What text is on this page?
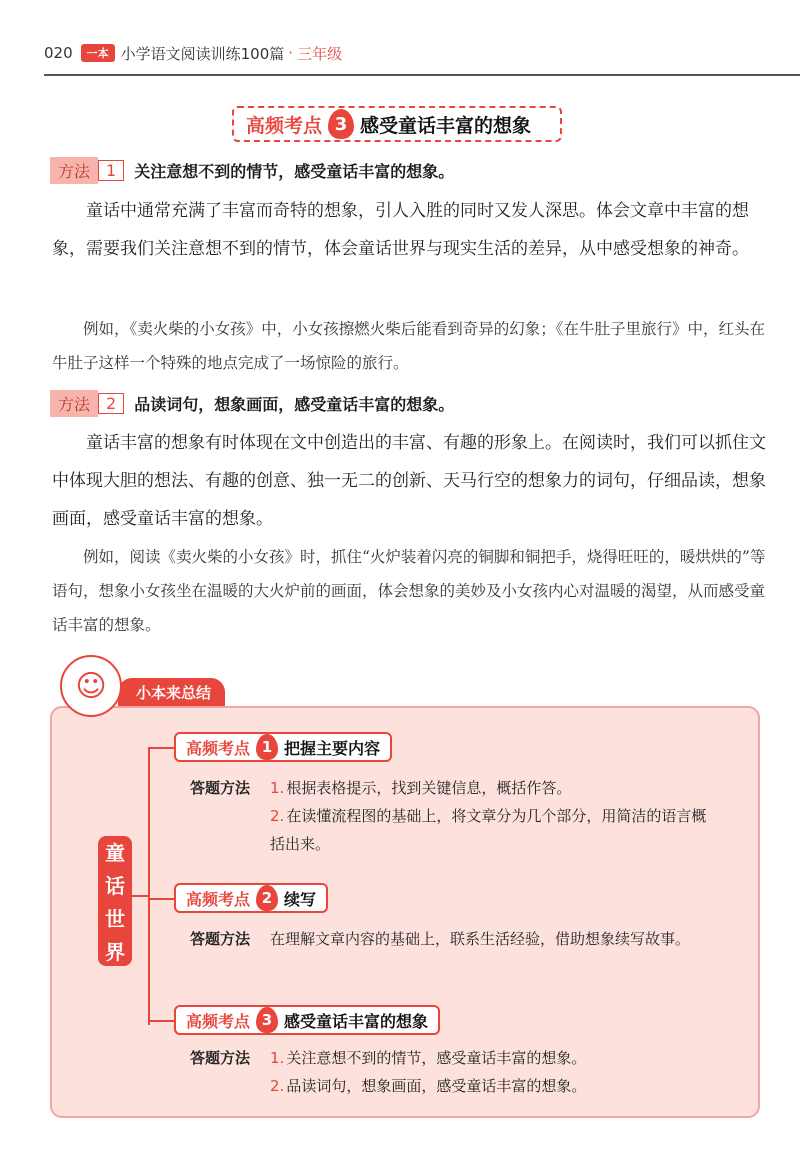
020	一本 小学语文阅读训练100篇 · 三年级
高频考点 3 感受童话丰富的想象
方法	1	关注意想不到的情节，感受童话丰富的想象。
童话中通常充满了丰富而奇特的想象，引人入胜的同时又发人深思。体会文章中丰富的想象，需要我们关注意想不到的情节，体会童话世界与现实生活的差异，从中感受想象的神奇。
例如，《卖火柴的小女孩》中，小女孩擦燃火柴后能看到奇异的幻象；《在牛肚子里旅行》中，红头在牛肚子这样一个特殊的地点完成了一场惊险的旅行。
方法	2	品读词句，想象画面，感受童话丰富的想象。
童话丰富的想象有时体现在文中创造出的丰富、有趣的形象上。在阅读时，我们可以抓住文中体现大胆的想法、有趣的创意、独一无二的创新、天马行空的想象力的词句，仔细品读，想象画面，感受童话丰富的想象。
例如，阅读《卖火柴的小女孩》时，抓住“火炉装着闪亮的铜脚和铜把手，烧得旺旺的，暖烘烘的”等语句，想象小女孩坐在温暖的大火炉前的画面，体会想象的美妙及小女孩内心对温暖的渴望，从而感受童话丰富的想象。
小本来总结
☺
童
话
世
界
高频考点 1 把握主要内容
答题方法	1. 根据表格提示，找到关键信息，概括作答。
2. 在读懂流程图的基础上，将文章分为几个部分，用简洁的语言概括出来。
高频考点 2 续写
答题方法	在理解文章内容的基础上，联系生活经验，借助想象续写故事。
高频考点 3 感受童话丰富的想象
答题方法	1. 关注意想不到的情节，感受童话丰富的想象。
2. 品读词句，想象画面，感受童话丰富的想象。
